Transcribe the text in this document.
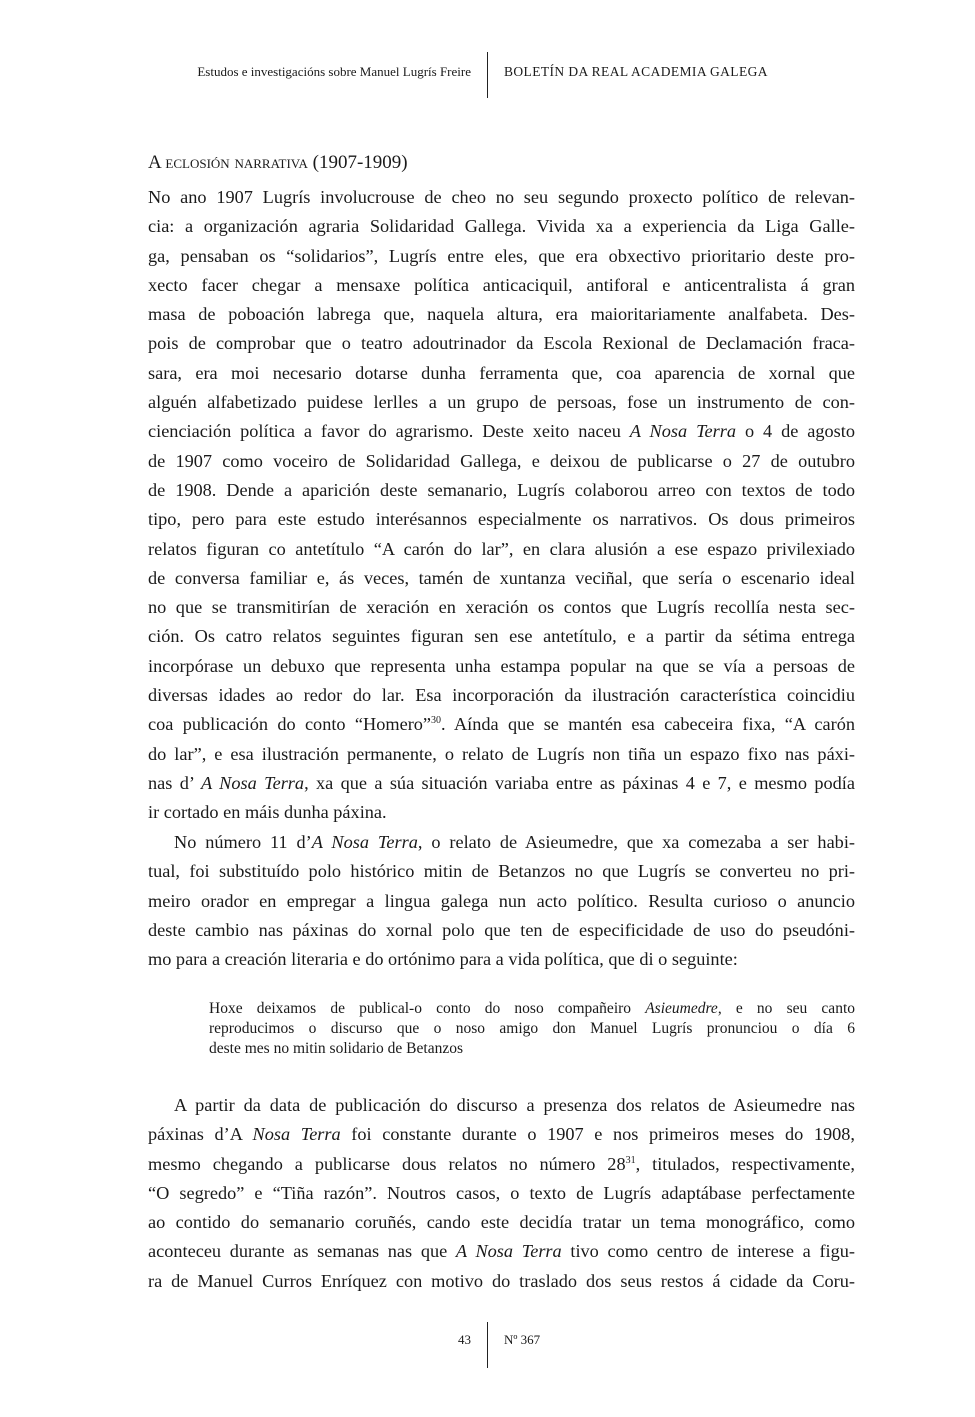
Estudos e investigacións sobre Manuel Lugrís Freire BOLETÍN DA REAL ACADEMIA GALEGA
A eclosión narrativa (1907-1909)
No ano 1907 Lugrís involucrouse de cheo no seu segundo proxecto político de relevan-
cia: a organización agraria Solidaridad Gallega. Vivida xa a experiencia da Liga Galle-
ga, pensaban os “solidarios”, Lugrís entre eles, que era obxectivo prioritario deste pro-
xecto facer chegar a mensaxe política anticaciquil, antiforal e anticentralista á gran
masa de poboación labrega que, naquela altura, era maioritariamente analfabeta. Des-
pois de comprobar que o teatro adoutrinador da Escola Rexional de Declamación fraca-
sara, era moi necesario dotarse dunha ferramenta que, coa aparencia de xornal que
alguén alfabetizado puidese lerlles a un grupo de persoas, fose un instrumento de con-
cienciación política a favor do agrarismo. Deste xeito naceu A Nosa Terra o 4 de agosto
de 1907 como voceiro de Solidaridad Gallega, e deixou de publicarse o 27 de outubro
de 1908. Dende a aparición deste semanario, Lugrís colaborou arreo con textos de todo
tipo, pero para este estudo interésannos especialmente os narrativos. Os dous primeiros
relatos figuran co antetítulo “A carón do lar”, en clara alusión a ese espazo privilexiado
de conversa familiar e, ás veces, tamén de xuntanza veciñal, que sería o escenario ideal
no que se transmitirían de xeración en xeración os contos que Lugrís recollía nesta sec-
ción. Os catro relatos seguintes figuran sen ese antetítulo, e a partir da sétima entrega
incorpórase un debuxo que representa unha estampa popular na que se vía a persoas de
diversas idades ao redor do lar. Esa incorporación da ilustración característica coincidiu
coa publicación do conto “Homero”$^{30}$. Aínda que se mantén esa cabeceira fixa, “A carón
do lar”, e esa ilustración permanente, o relato de Lugrís non tiña un espazo fixo nas páxi-
nas d’ A Nosa Terra, xa que a súa situación variaba entre as páxinas 4 e 7, e mesmo podía
ir cortado en máis dunha páxina.
No número 11 d’A Nosa Terra, o relato de Asieumedre, que xa comezaba a ser habi-
tual, foi substituído polo histórico mitin de Betanzos no que Lugrís se converteu no pri-
meiro orador en empregar a lingua galega nun acto político. Resulta curioso o anuncio
deste cambio nas páxinas do xornal polo que ten de especificidade de uso do pseudóni-
mo para a creación literaria e do ortónimo para a vida política, que di o seguinte:
Hoxe deixamos de publical-o conto do noso compañeiro Asieumedre, e no seu canto
reproducimos o discurso que o noso amigo don Manuel Lugrís pronunciou o día 6
deste mes no mitin solidario de Betanzos
A partir da data de publicación do discurso a presenza dos relatos de Asieumedre nas
páxinas d’A Nosa Terra foi constante durante o 1907 e nos primeiros meses do 1908,
mesmo chegando a publicarse dous relatos no número $28^{31}$, titulados, respectivamente,
“O segredo” e “Tiña razón”. Noutros casos, o texto de Lugrís adaptábase perfectamente
ao contido do semanario coruñés, cando este decidía tratar un tema monográfico, como
aconteceu durante as semanas nas que A Nosa Terra tivo como centro de interese a figu-
ra de Manuel Curros Enríquez con motivo do traslado dos seus restos á cidade da Coru-
43	Nº 367
